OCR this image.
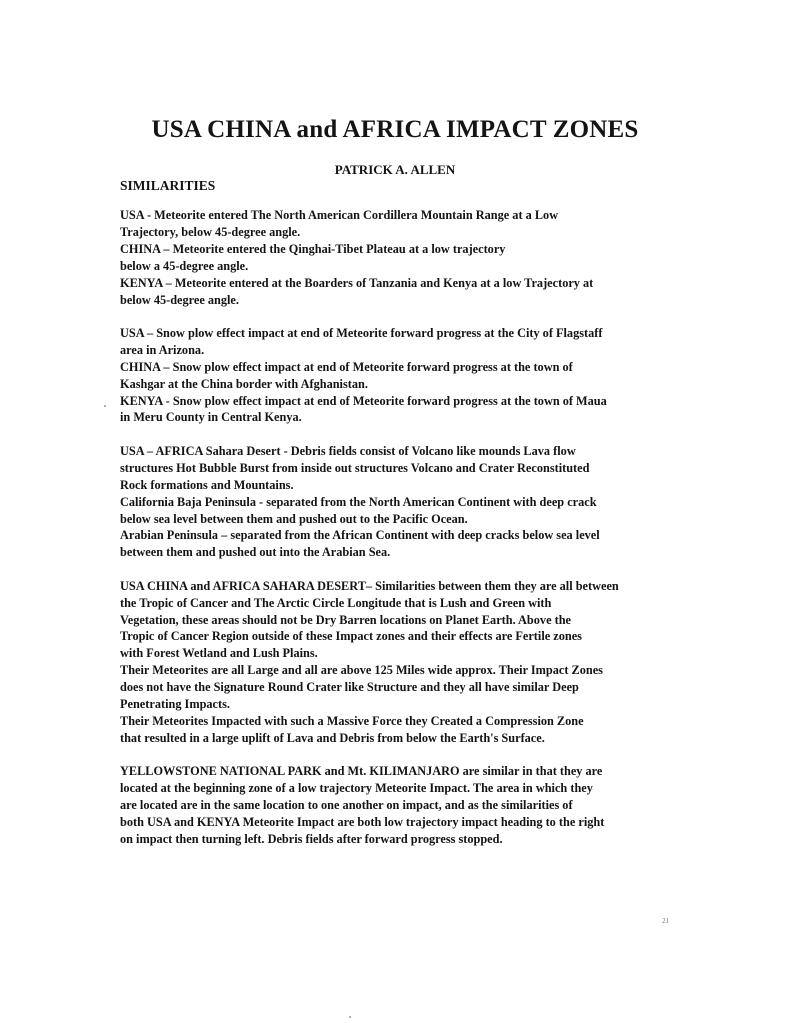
USA CHINA and AFRICA IMPACT ZONES
PATRICK A. ALLEN
SIMILARITIES

USA - Meteorite entered The North American Cordillera Mountain Range at a Low
Trajectory, below 45-degree angle.
CHINA – Meteorite entered the Qinghai-Tibet Plateau at a low trajectory
below a 45-degree angle.
KENYA – Meteorite entered at the Boarders of Tanzania and Kenya at a low Trajectory at
below 45-degree angle.

USA – Snow plow effect impact at end of Meteorite forward progress at the City of Flagstaff
area in Arizona.
CHINA – Snow plow effect impact at end of Meteorite forward progress at the town of
Kashgar at the China border with Afghanistan.
KENYA - Snow plow effect impact at end of Meteorite forward progress at the town of Maua
in Meru County in Central Kenya.

USA – AFRICA Sahara Desert - Debris fields consist of Volcano like mounds Lava flow
structures Hot Bubble Burst from inside out structures Volcano and Crater Reconstituted
Rock formations and Mountains.
California Baja Peninsula - separated from the North American Continent with deep crack
below sea level between them and pushed out to the Pacific Ocean.
Arabian Peninsula – separated from the African Continent with deep cracks below sea level
between them and pushed out into the Arabian Sea.

USA CHINA and AFRICA SAHARA DESERT– Similarities between them they are all between
the Tropic of Cancer and The Arctic Circle Longitude that is Lush and Green with
Vegetation, these areas should not be Dry Barren locations on Planet Earth. Above the
Tropic of Cancer Region outside of these Impact zones and their effects are Fertile zones
with Forest Wetland and Lush Plains.
Their Meteorites are all Large and all are above 125 Miles wide approx. Their Impact Zones
does not have the Signature Round Crater like Structure and they all have similar Deep
Penetrating Impacts.
Their Meteorites Impacted with such a Massive Force they Created a Compression Zone
that resulted in a large uplift of Lava and Debris from below the Earth's Surface.

YELLOWSTONE NATIONAL PARK and Mt. KILIMANJARO are similar in that they are
located at the beginning zone of a low trajectory Meteorite Impact. The area in which they
are located are in the same location to one another on impact, and as the similarities of
both USA and KENYA Meteorite Impact are both low trajectory impact heading to the right
on impact then turning left. Debris fields after forward progress stopped.

21
